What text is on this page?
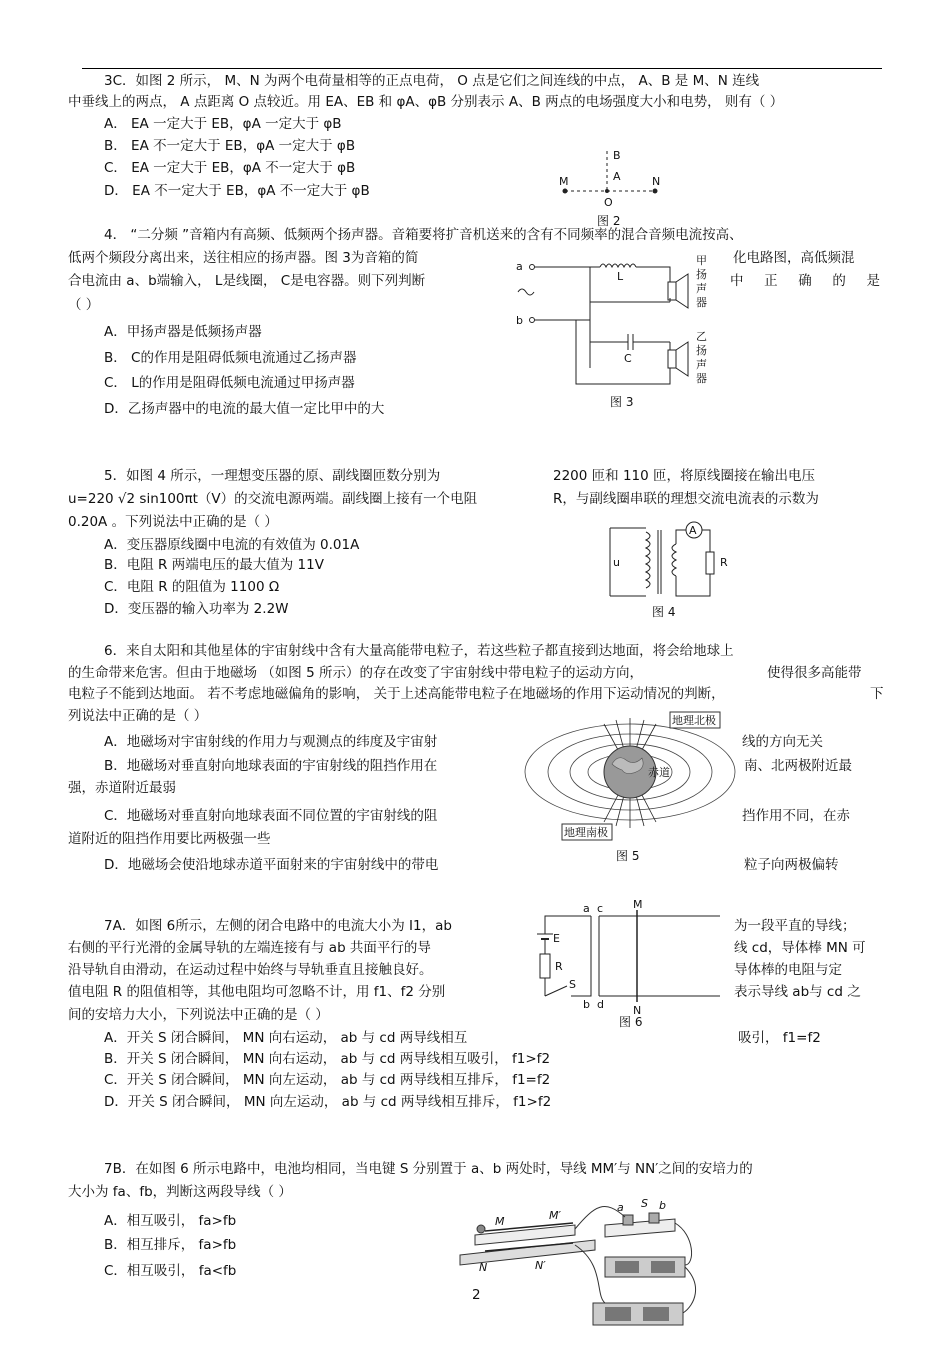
3C．如图 2 所示， M、N 为两个电荷量相等的正点电荷， O 点是它们之间连线的中点， A、B 是 M、N 连线
中垂线上的两点， A 点距离 O 点较近。用 EA、EB 和 φA、φB 分别表示 A、B 两点的电场强度大小和电势， 则有（ ）
A． EA 一定大于 EB，φA 一定大于 φB
B． EA 不一定大于 EB，φA 一定大于 φB
C． EA 一定大于 EB，φA 不一定大于 φB
D． EA 不一定大于 EB，φA 不一定大于 φB
B
A
O
M	N
图 2
4． “二分频 ”音箱内有高频、低频两个扬声器。音箱要将扩音机送来的含有不同频率的混合音频电流按高、
低两个频段分离出来，送往相应的扬声器。图 3为音箱的简	化电路图，高低频混
合电流由 a、b端输入， L是线圈， C是电容器。则下列判断	中 正 确 的 是
（ ）
A．甲扬声器是低频扬声器
B． C的作用是阻碍低频电流通过乙扬声器
C． L的作用是阻碍低频电流通过甲扬声器
D．乙扬声器中的电流的最大值一定比甲中的大
a
b
L
C
甲
扬
声
器
乙
扬
声
器
图 3
5．如图 4 所示，一理想变压器的原、副线圈匝数分别为	2200 匝和 110 匝，将原线圈接在输出电压
u=220 √2 sin100πt（V）的交流电源两端。副线圈上接有一个电阻	R，与副线圈串联的理想交流电流表的示数为
0.20A 。下列说法中正确的是（ ）
A．变压器原线圈中电流的有效值为 0.01A
B．电阻 R 两端电压的最大值为 11V
C．电阻 R 的阻值为 1100 Ω
D．变压器的输入功率为 2.2W
u
A
R
图 4
6．来自太阳和其他星体的宇宙射线中含有大量高能带电粒子，若这些粒子都直接到达地面，将会给地球上
的生命带来危害。但由于地磁场 （如图 5 所示）的存在改变了宇宙射线中带电粒子的运动方向，	使得很多高能带
电粒子不能到达地面。 若不考虑地磁偏角的影响， 关于上述高能带电粒子在地磁场的作用下运动情况的判断，	下
列说法中正确的是（ ）
A．地磁场对宇宙射线的作用力与观测点的纬度及宇宙射	线的方向无关
B．地磁场对垂直射向地球表面的宇宙射线的阻挡作用在	南、北两极附近最
强，赤道附近最弱
C．地磁场对垂直射向地球表面不同位置的宇宙射线的阻	挡作用不同，在赤
道附近的阻挡作用要比两极强一些
D．地磁场会使沿地球赤道平面射来的宇宙射线中的带电	粒子向两极偏转
赤道
地理北极
地理南极
图 5
7A．如图 6所示，左侧的闭合电路中的电流大小为 I1，ab	为一段平直的导线；
右侧的平行光滑的金属导轨的左端连接有与 ab 共面平行的导	线 cd，导体棒 MN 可
沿导轨自由滑动，在运动过程中始终与导轨垂直且接触良好。	导体棒的电阻与定
值电阻 R 的阻值相等，其他电阻均可忽略不计，用 f1、f2 分别	表示导线 ab与 cd 之
间的安培力大小，下列说法中正确的是（ ）
A．开关 S 闭合瞬间， MN 向右运动， ab 与 cd 两导线相互	吸引， f1=f2
B．开关 S 闭合瞬间， MN 向右运动， ab 与 cd 两导线相互吸引， f1>f2
C．开关 S 闭合瞬间， MN 向左运动， ab 与 cd 两导线相互排斥， f1=f2
D．开关 S 闭合瞬间， MN 向左运动， ab 与 cd 两导线相互排斥， f1>f2
E
R
S
a
b
c
d
M
N
图 6
7B．在如图 6 所示电路中，电池均相同，当电键 S 分别置于 a、b 两处时，导线 MM′与 NN′之间的安培力的
大小为 fa、fb，判断这两段导线（ ）
A．相互吸引， fa>fb
B．相互排斥， fa>fb
C．相互吸引， fa<fb
M	M′
N	N′
S
a	b
2
